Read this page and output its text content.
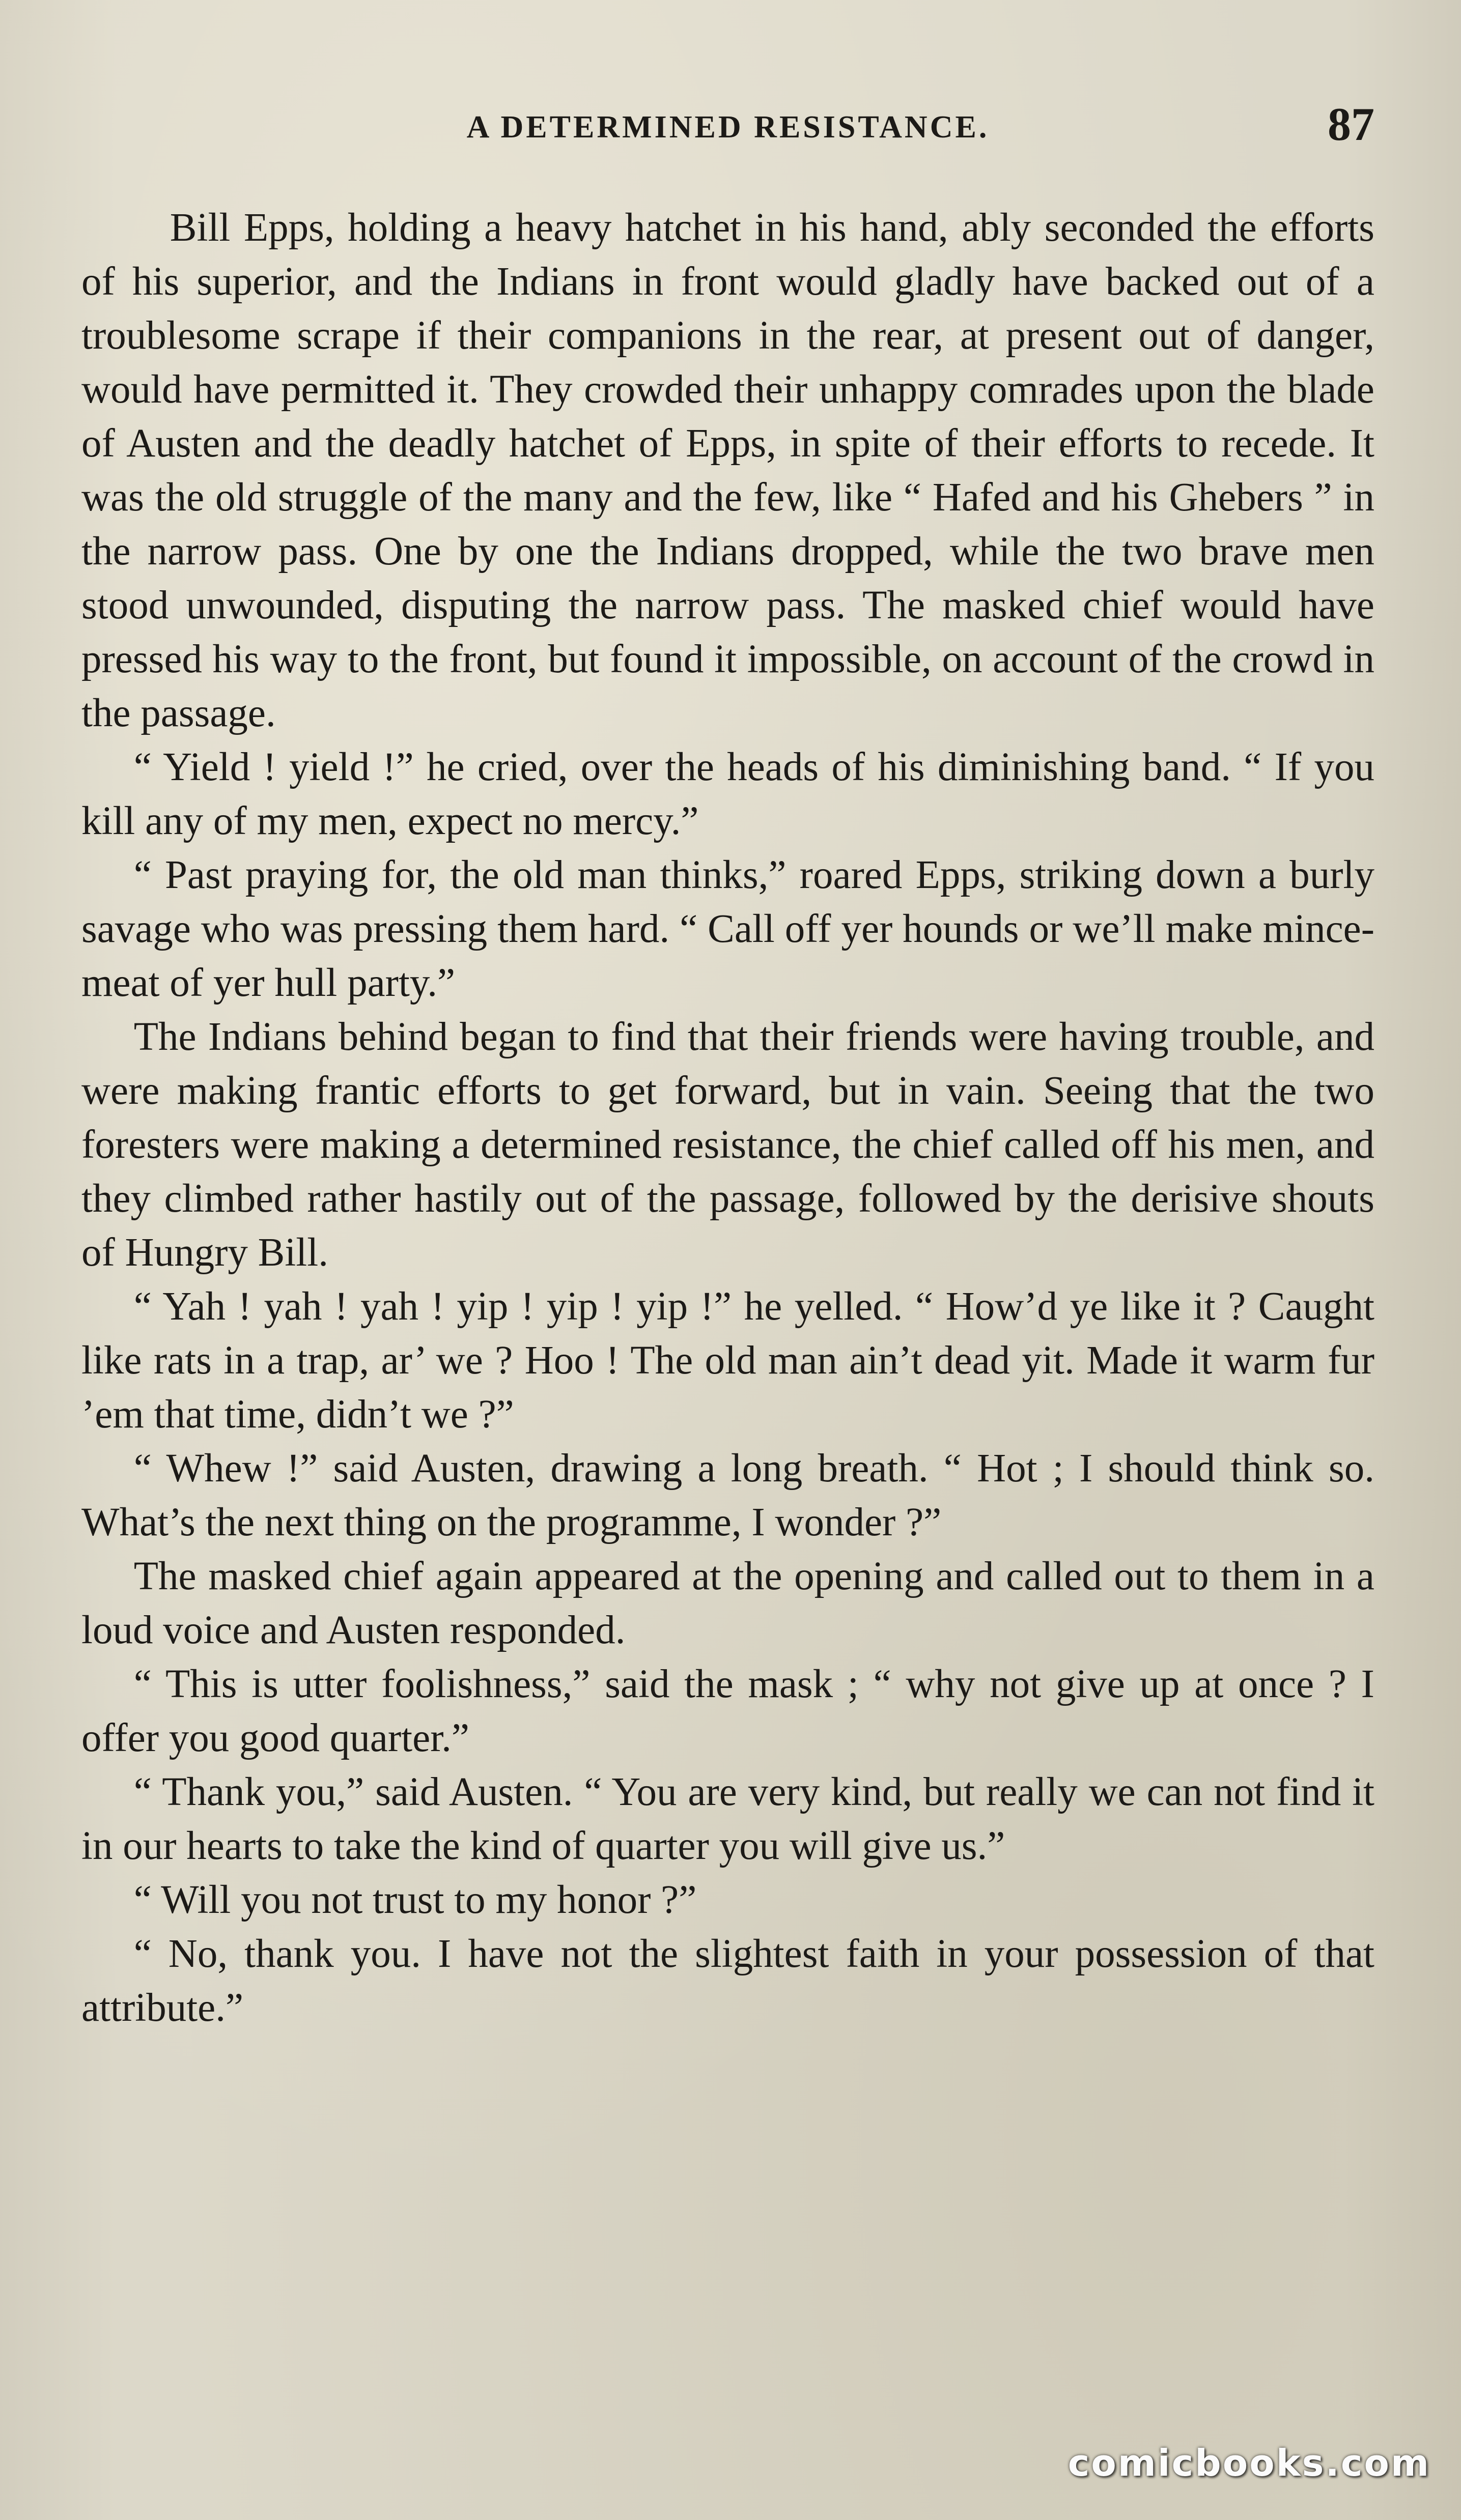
A DETERMINED RESISTANCE.	87

Bill Epps, holding a heavy hatchet in his hand, ably seconded the efforts of his superior, and the Indians in front would gladly have backed out of a troublesome scrape if their companions in the rear, at present out of danger, would have permitted it. They crowded their unhappy comrades upon the blade of Austen and the deadly hatchet of Epps, in spite of their efforts to recede. It was the old struggle of the many and the few, like “ Hafed and his Ghebers ” in the narrow pass. One by one the Indians dropped, while the two brave men stood unwounded, disputing the narrow pass. The masked chief would have pressed his way to the front, but found it impossible, on account of the crowd in the passage.

“ Yield ! yield !” he cried, over the heads of his diminishing band. “ If you kill any of my men, expect no mercy.”

“ Past praying for, the old man thinks,” roared Epps, striking down a burly savage who was pressing them hard. “ Call off yer hounds or we’ll make mince-meat of yer hull party.”

The Indians behind began to find that their friends were having trouble, and were making frantic efforts to get forward, but in vain. Seeing that the two foresters were making a determined resistance, the chief called off his men, and they climbed rather hastily out of the passage, followed by the derisive shouts of Hungry Bill.

“ Yah ! yah ! yah ! yip ! yip ! yip !” he yelled. “ How’d ye like it ? Caught like rats in a trap, ar’ we ? Hoo ! The old man ain’t dead yit. Made it warm fur ’em that time, didn’t we ?”

“ Whew !” said Austen, drawing a long breath. “ Hot ; I should think so. What’s the next thing on the programme, I wonder ?”

The masked chief again appeared at the opening and called out to them in a loud voice and Austen responded.

“ This is utter foolishness,” said the mask ; “ why not give up at once ? I offer you good quarter.”

“ Thank you,” said Austen. “ You are very kind, but really we can not find it in our hearts to take the kind of quarter you will give us.”

“ Will you not trust to my honor ?”

“ No, thank you. I have not the slightest faith in your possession of that attribute.”

comicbooks.com
